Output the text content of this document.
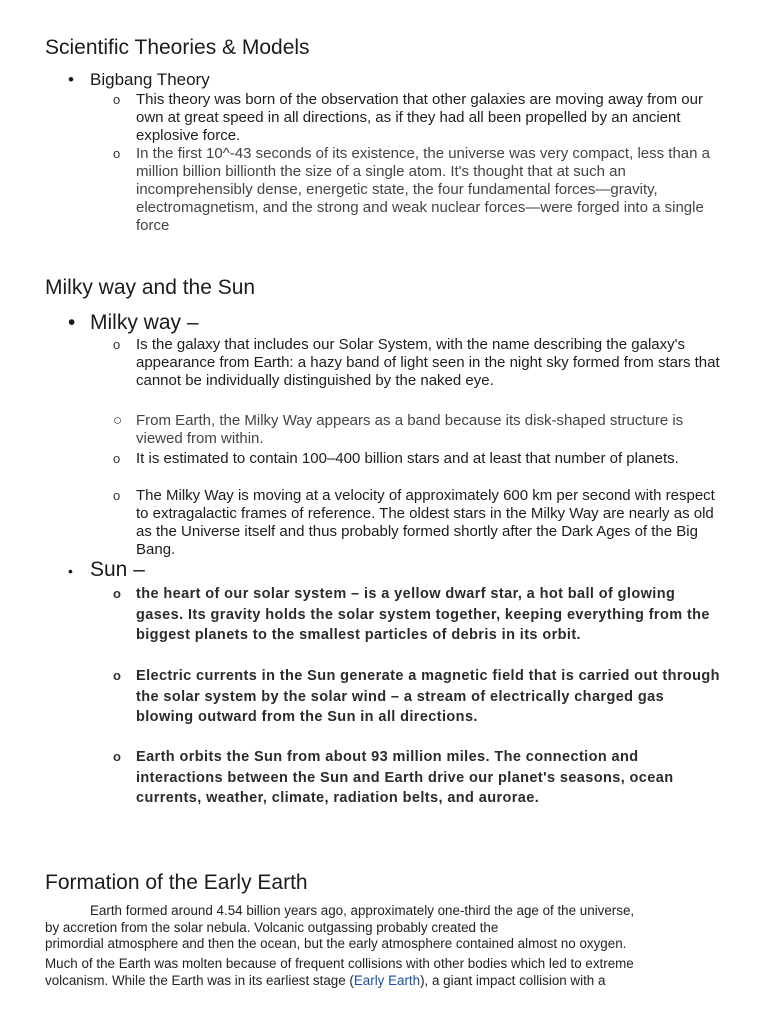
Scientific Theories & Models
• Bigbang Theory
o	This theory was born of the observation that other galaxies are moving away from our own at great speed in all directions, as if they had all been propelled by an ancient explosive force.
o	In the first 10^-43 seconds of its existence, the universe was very compact, less than a million billion billionth the size of a single atom. It's thought that at such an incomprehensibly dense, energetic state, the four fundamental forces—gravity, electromagnetism, and the strong and weak nuclear forces—were forged into a single force
Milky way and the Sun
• Milky way –
o	Is the galaxy that includes our Solar System, with the name describing the galaxy's appearance from Earth: a hazy band of light seen in the night sky formed from stars that cannot be individually distinguished by the naked eye.
○ From Earth, the Milky Way appears as a band because its disk-shaped structure is viewed from within.
o	It is estimated to contain 100–400 billion stars and at least that number of planets.
o	The Milky Way is moving at a velocity of approximately 600 km per second with respect to extragalactic frames of reference. The oldest stars in the Milky Way are nearly as old as the Universe itself and thus probably formed shortly after the Dark Ages of the Big Bang.
• Sun –
o	the heart of our solar system – is a yellow dwarf star, a hot ball of glowing gases. Its gravity holds the solar system together, keeping everything from the biggest planets to the smallest particles of debris in its orbit.
o	Electric currents in the Sun generate a magnetic field that is carried out through the solar system by the solar wind – a stream of electrically charged gas blowing outward from the Sun in all directions.
o	Earth orbits the Sun from about 93 million miles. The connection and interactions between the Sun and Earth drive our planet's seasons, ocean currents, weather, climate, radiation belts, and aurorae.
Formation of the Early Earth
Earth formed around 4.54 billion years ago, approximately one-third the age of the universe,
by accretion from the solar nebula. Volcanic outgassing probably created the
primordial atmosphere and then the ocean, but the early atmosphere contained almost no oxygen.
Much of the Earth was molten because of frequent collisions with other bodies which led to extreme
volcanism. While the Earth was in its earliest stage (Early Earth), a giant impact collision with a
